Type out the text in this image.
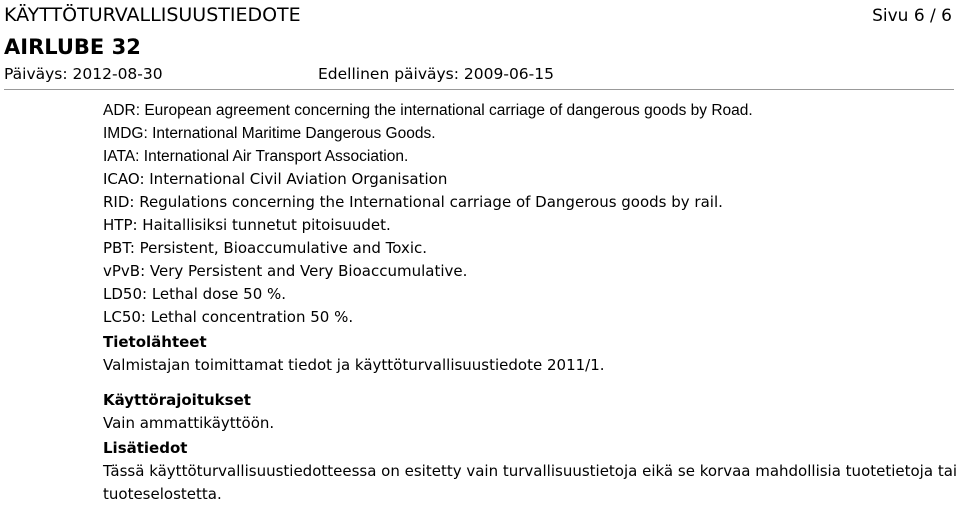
KÄYTTÖTURVALLISUUSTIEDOTE	Sivu 6 / 6
AIRLUBE 32
Päiväys: 2012-08-30	Edellinen päiväys: 2009-06-15
ADR: European agreement concerning the international carriage of dangerous goods by Road.
IMDG: International Maritime Dangerous Goods.
IATA: International Air Transport Association.
ICAO: International Civil Aviation Organisation
RID: Regulations concerning the International carriage of Dangerous goods by rail.
HTP: Haitallisiksi tunnetut pitoisuudet.
PBT: Persistent, Bioaccumulative and Toxic.
vPvB: Very Persistent and Very Bioaccumulative.
LD50: Lethal dose 50 %.
LC50: Lethal concentration 50 %.
Tietolähteet
Valmistajan toimittamat tiedot ja käyttöturvallisuustiedote 2011/1.
Käyttörajoitukset
Vain ammattikäyttöön.
Lisätiedot
Tässä käyttöturvallisuustiedotteessa on esitetty vain turvallisuustietoja eikä se korvaa mahdollisia tuotetietoja tai tuoteselostetta.
